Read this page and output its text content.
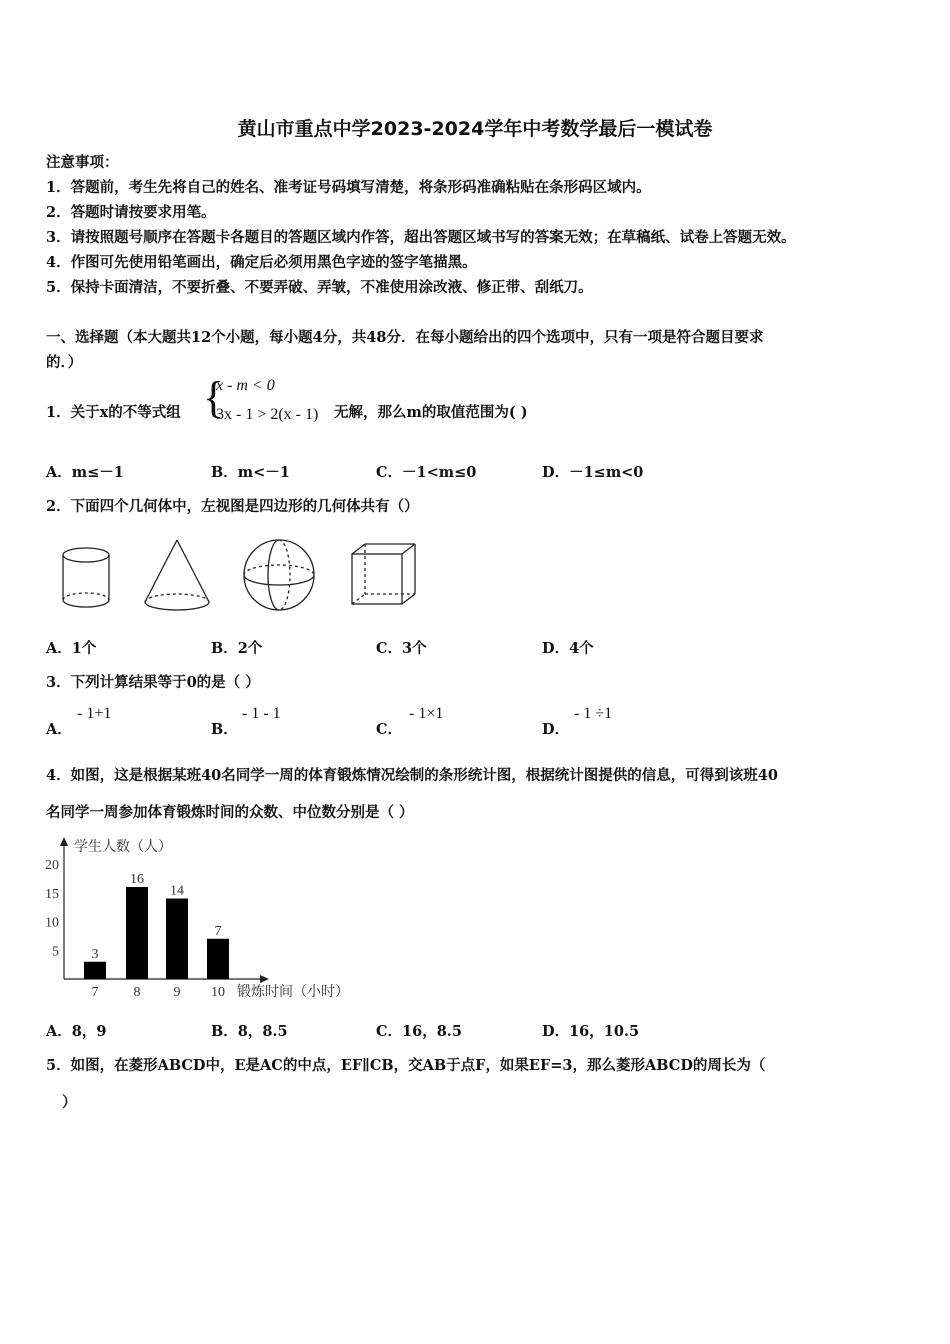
黄山市重点中学2023-2024学年中考数学最后一模试卷
注意事项：
1．答题前，考生先将自己的姓名、准考证号码填写清楚，将条形码准确粘贴在条形码区域内。
2．答题时请按要求用笔。
3．请按照题号顺序在答题卡各题目的答题区域内作答，超出答题区域书写的答案无效；在草稿纸、试卷上答题无效。
4．作图可先使用铅笔画出，确定后必须用黑色字迹的签字笔描黑。
5．保持卡面清洁，不要折叠、不要弄破、弄皱，不准使用涂改液、修正带、刮纸刀。
一、选择题（本大题共12个小题，每小题4分，共48分．在每小题给出的四个选项中，只有一项是符合题目要求
的．）
1．关于x的不等式组 {
x - m < 0
3x - 1 > 2(x - 1) 无解，那么m的取值范围为( )
A．m≤－1	B．m<－1	C．－1<m≤0	D．－1≤m<0
2．下面四个几何体中，左视图是四边形的几何体共有（）
A．1个	B．2个	C．3个	D．4个
3．下列计算结果等于0的是（ ）
A．
- 1+1
B．
- 1 - 1
C．
- 1×1
D．
- 1 ÷1
4．如图，这是根据某班40名同学一周的体育锻炼情况绘制的条形统计图，根据统计图提供的信息，可得到该班40
名同学一周参加体育锻炼时间的众数、中位数分别是（ ）
学生人数（人）
锻炼时间（小时）
5
10
15
20
3
7
16
8
14
9
7
10
A．8，9	B．8，8.5	C．16，8.5	D．16，10.5
5．如图，在菱形ABCD中，E是AC的中点，EF∥CB，交AB于点F，如果EF=3，那么菱形ABCD的周长为（
）
